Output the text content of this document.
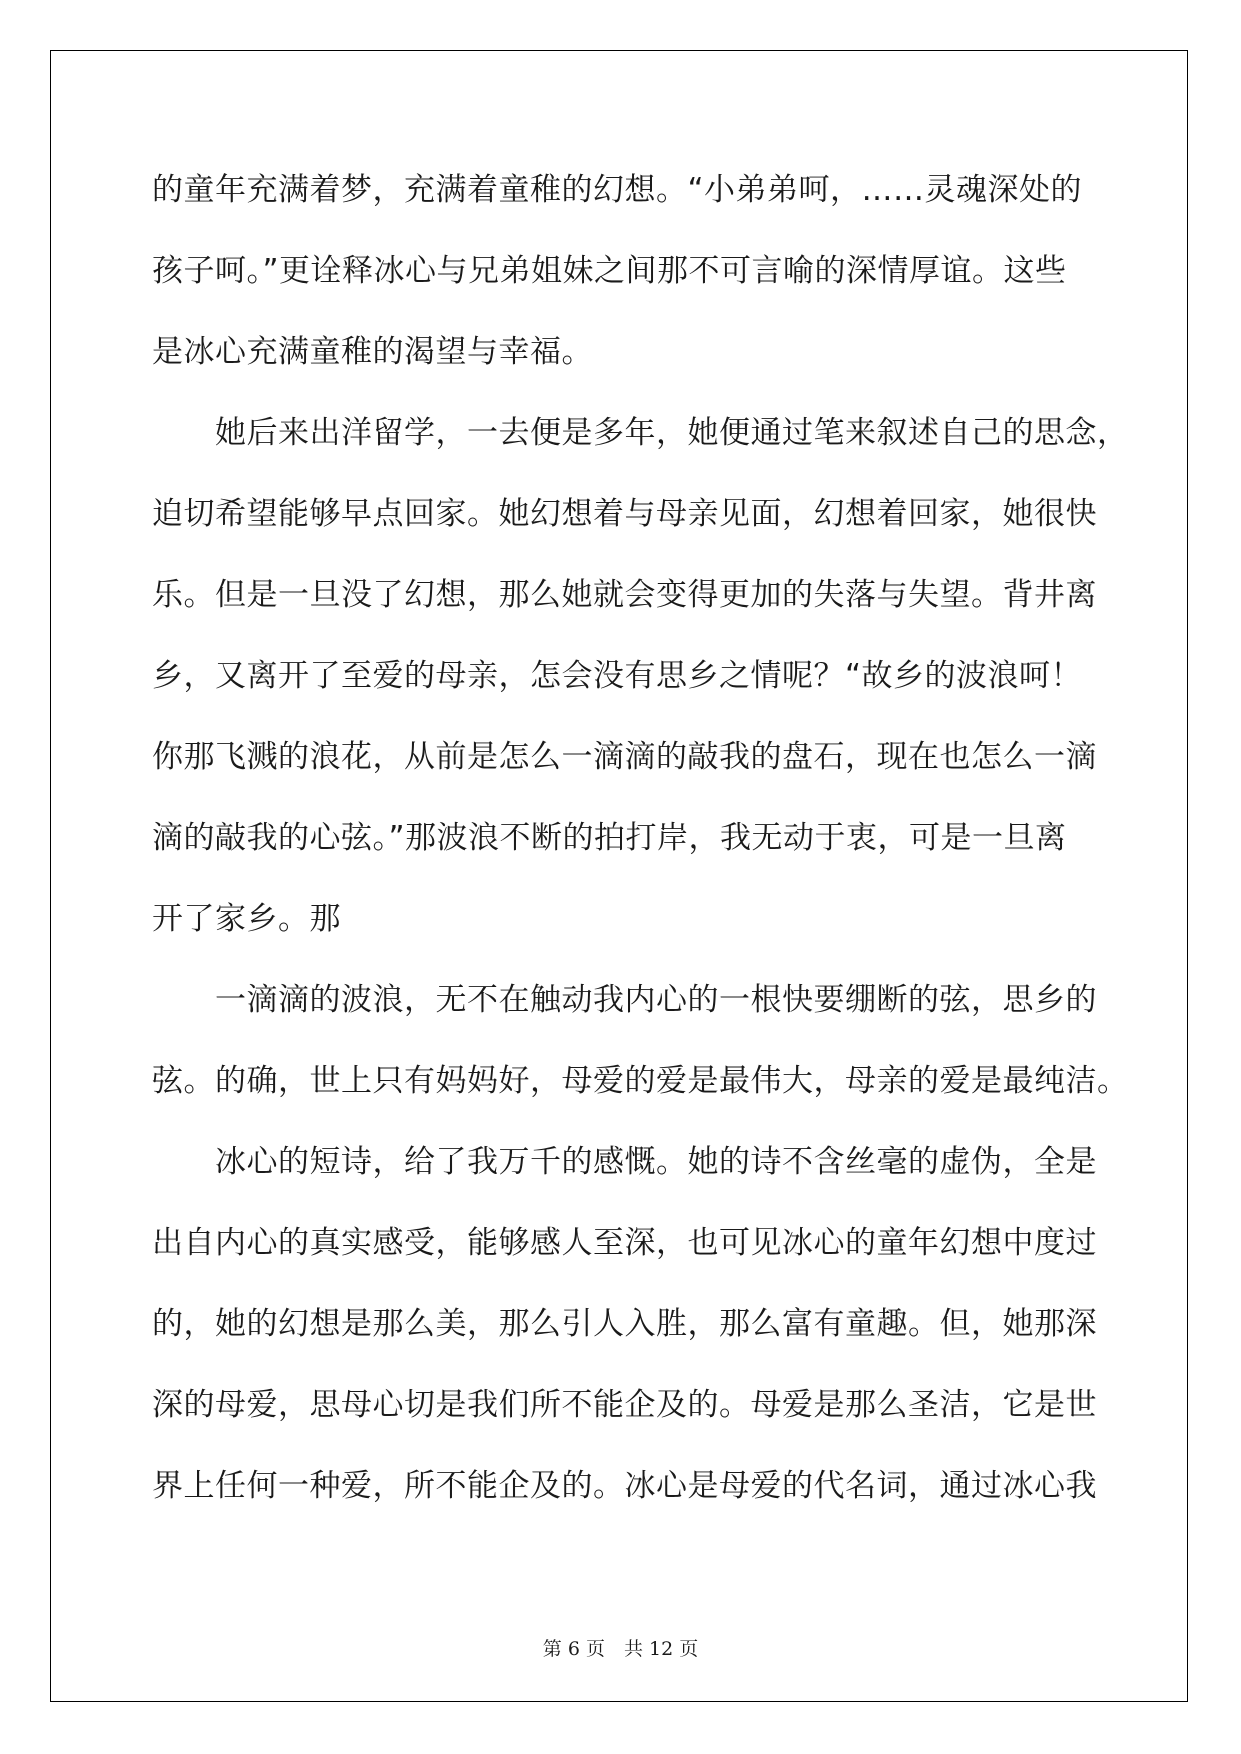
的童年充满着梦，充满着童稚的幻想。“小弟弟呵，……灵魂深处的
孩子呵。”更诠释冰心与兄弟姐妹之间那不可言喻的深情厚谊。这些
是冰心充满童稚的渴望与幸福。
　　她后来出洋留学，一去便是多年，她便通过笔来叙述自己的思念，
迫切希望能够早点回家。她幻想着与母亲见面，幻想着回家，她很快
乐。但是一旦没了幻想，那么她就会变得更加的失落与失望。背井离
乡，又离开了至爱的母亲，怎会没有思乡之情呢？“故乡的波浪呵！
你那飞溅的浪花，从前是怎么一滴滴的敲我的盘石，现在也怎么一滴
滴的敲我的心弦。”那波浪不断的拍打岸，我无动于衷，可是一旦离
开了家乡。那
　　一滴滴的波浪，无不在触动我内心的一根快要绷断的弦，思乡的
弦。的确，世上只有妈妈好，母爱的爱是最伟大，母亲的爱是最纯洁。
　　冰心的短诗，给了我万千的感慨。她的诗不含丝毫的虚伪，全是
出自内心的真实感受，能够感人至深，也可见冰心的童年幻想中度过
的，她的幻想是那么美，那么引人入胜，那么富有童趣。但，她那深
深的母爱，思母心切是我们所不能企及的。母爱是那么圣洁，它是世
界上任何一种爱，所不能企及的。冰心是母爱的代名词，通过冰心我
第 6 页　共 12 页
